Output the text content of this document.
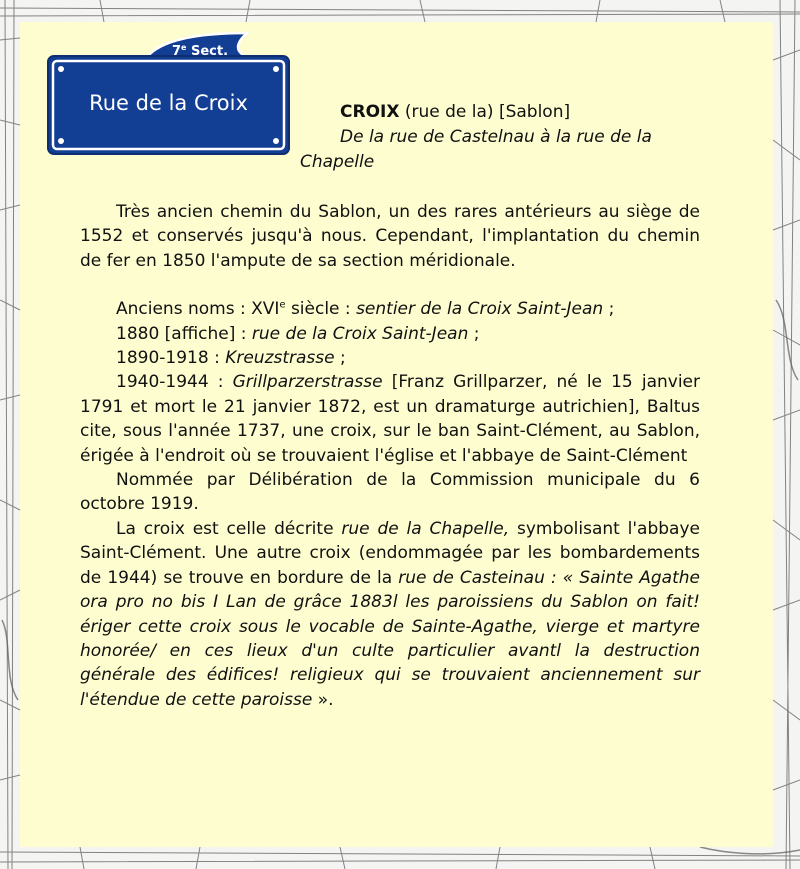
7e Sect.
Rue de la Croix	CROIX (rue de la) [Sablon]
De la rue de Castelnau à la rue de la Chapelle

Très ancien chemin du Sablon, un des rares antérieurs au siège de 1552 et conservés jusqu'à nous. Cependant, l'implantation du chemin de fer en 1850 l'ampute de sa section méridionale.

Anciens noms : XVIe siècle : sentier de la Croix Saint-Jean ;

1880 [affiche] : rue de la Croix Saint-Jean ;

1890-1918 : Kreuzstrasse ;

1940-1944 : Grillparzerstrasse [Franz Grillparzer, né le 15 janvier 1791 et mort le 21 janvier 1872, est un dramaturge autrichien], Baltus cite, sous l'année 1737, une croix, sur le ban Saint-Clément, au Sablon, érigée à l'endroit où se trouvaient l'église et l'abbaye de Saint-Clément

Nommée par Délibération de la Commission municipale du 6 octobre 1919.

La croix est celle décrite rue de la Chapelle, symbolisant l'abbaye Saint-Clément. Une autre croix (endommagée par les bombardements de 1944) se trouve en bordure de la rue de Casteinau : « Sainte Agathe ora pro no bis I Lan de grâce 1883l les paroissiens du Sablon on fait! ériger cette croix sous le vocable de Sainte-Agathe, vierge et martyre honorée/ en ces lieux d'un culte particulier avantl la destruction générale des édifices! religieux qui se trouvaient anciennement sur l'étendue de cette paroisse ».
